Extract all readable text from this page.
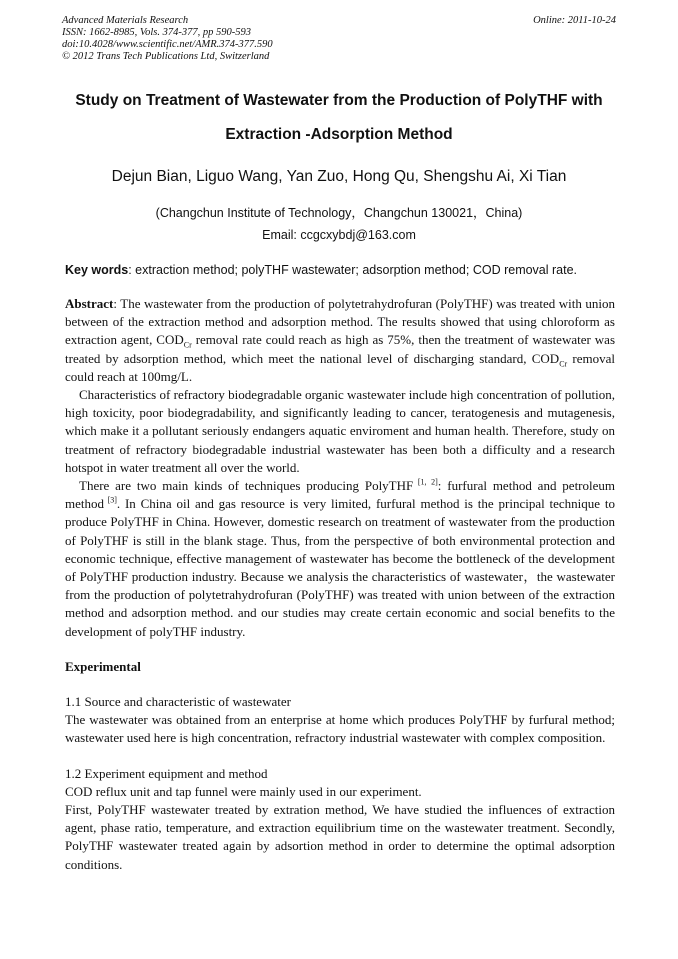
Advanced Materials Research
ISSN: 1662-8985, Vols. 374-377, pp 590-593
doi:10.4028/www.scientific.net/AMR.374-377.590
© 2012 Trans Tech Publications Ltd, Switzerland
Online: 2011-10-24
Study on Treatment of Wastewater from the Production of PolyTHF with
Extraction -Adsorption Method
Dejun Bian, Liguo Wang, Yan Zuo, Hong Qu, Shengshu Ai, Xi Tian
(Changchun Institute of Technology，Changchun 130021，China)
Email: ccgcxybdj@163.com
Key words: extraction method; polyTHF wastewater; adsorption method; COD removal rate.

Abstract: The wastewater from the production of polytetrahydrofuran (PolyTHF) was treated with union between of the extraction method and adsorption method. The results showed that using chloroform as extraction agent, $COD_{Cr}$ removal rate could reach as high as 75%, then the treatment of wastewater was treated by adsorption method, which meet the national level of discharging standard, $COD_{Cr}$ removal could reach at 100mg/L.

Characteristics of refractory biodegradable organic wastewater include high concentration of pollution, high toxicity, poor biodegradability, and significantly leading to cancer, teratogenesis and mutagenesis, which make it a pollutant seriously endangers aquatic enviroment and human health. Therefore, study on treatment of refractory biodegradable industrial wastewater has been both a difficulty and a research hotspot in water treatment all over the world.

There are two main kinds of techniques producing PolyTHF [1, 2]: furfural method and petroleum method [3]. In China oil and gas resource is very limited, furfural method is the principal technique to produce PolyTHF in China. However, domestic research on treatment of wastewater from the production of PolyTHF is still in the blank stage. Thus, from the perspective of both environmental protection and economic technique, effective management of wastewater has become the bottleneck of the development of PolyTHF production industry. Because we analysis the characteristics of wastewater，the wastewater from the production of polytetrahydrofuran (PolyTHF) was treated with union between of the extraction method and adsorption method. and our studies may create certain economic and social benefits to the development of polyTHF industry.

Experimental

1.1 Source and characteristic of wastewater

The wastewater was obtained from an enterprise at home which produces PolyTHF by furfural method; wastewater used here is high concentration, refractory industrial wastewater with complex composition.

1.2 Experiment equipment and method

COD reflux unit and tap funnel were mainly used in our experiment.

First, PolyTHF wastewater treated by extration method, We have studied the influences of extraction agent, phase ratio, temperature, and extraction equilibrium time on the wastewater treatment. Secondly, PolyTHF wastewater treated again by adsortion method in order to determine the optimal adsorption conditions.
